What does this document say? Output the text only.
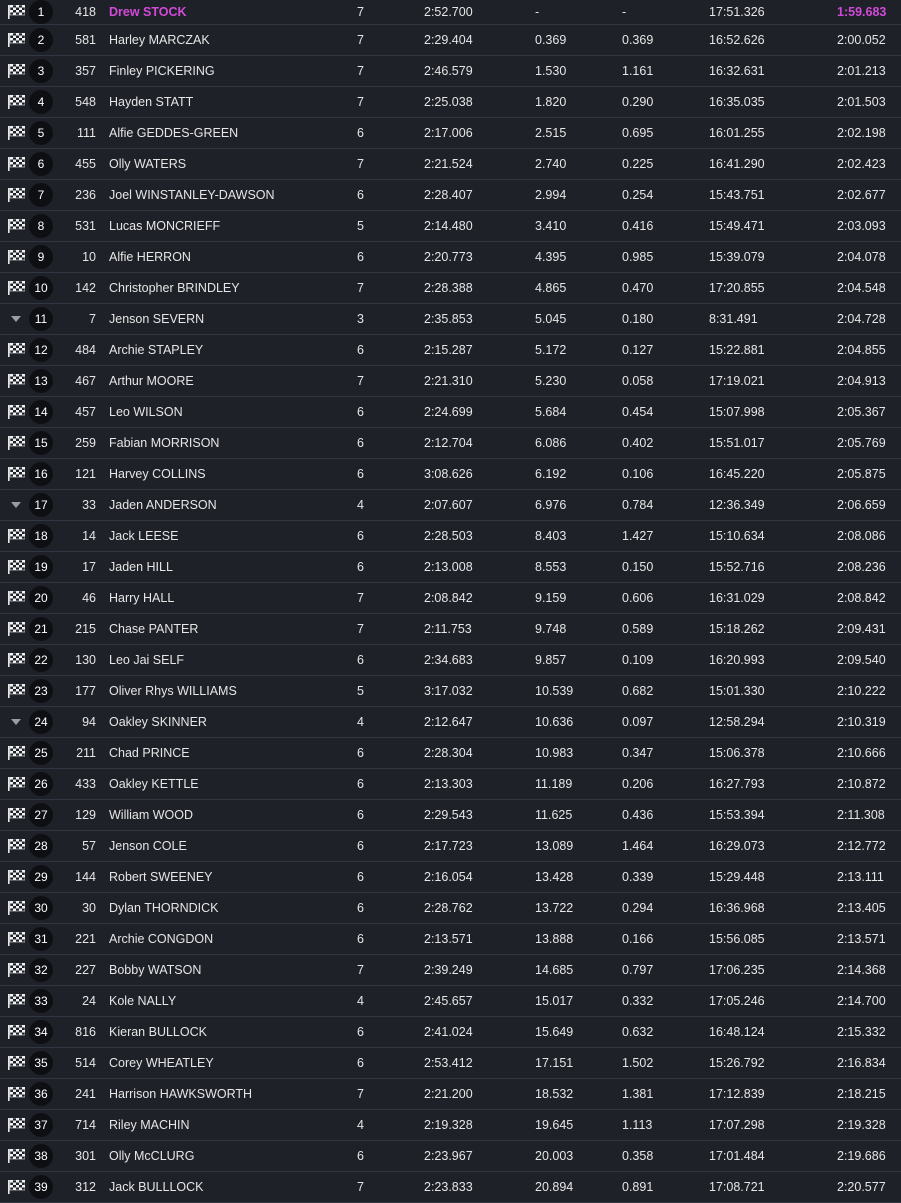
1	418 Drew STOCK	7	2:52.700	-	-	17:51.326	1:59.683
2	581 Harley MARCZAK	7	2:29.404	0.369	0.369	16:52.626	2:00.052
3	357 Finley PICKERING	7	2:46.579	1.530	1.161	16:32.631	2:01.213
4	548 Hayden STATT	7	2:25.038	1.820	0.290	16:35.035	2:01.503
5	111 Alfie GEDDES-GREEN	6	2:17.006	2.515	0.695	16:01.255	2:02.198
6	455 Olly WATERS	7	2:21.524	2.740	0.225	16:41.290	2:02.423
7	236 Joel WINSTANLEY-DAWSON	6	2:28.407	2.994	0.254	15:43.751	2:02.677
8	531 Lucas MONCRIEFF	5	2:14.480	3.410	0.416	15:49.471	2:03.093
9	10 Alfie HERRON	6	2:20.773	4.395	0.985	15:39.079	2:04.078
10	142 Christopher BRINDLEY	7	2:28.388	4.865	0.470	17:20.855	2:04.548
11	7 Jenson SEVERN	3	2:35.853	5.045	0.180	8:31.491	2:04.728
12	484 Archie STAPLEY	6	2:15.287	5.172	0.127	15:22.881	2:04.855
13	467 Arthur MOORE	7	2:21.310	5.230	0.058	17:19.021	2:04.913
14	457 Leo WILSON	6	2:24.699	5.684	0.454	15:07.998	2:05.367
15	259 Fabian MORRISON	6	2:12.704	6.086	0.402	15:51.017	2:05.769
16	121 Harvey COLLINS	6	3:08.626	6.192	0.106	16:45.220	2:05.875
17	33 Jaden ANDERSON	4	2:07.607	6.976	0.784	12:36.349	2:06.659
18	14 Jack LEESE	6	2:28.503	8.403	1.427	15:10.634	2:08.086
19	17 Jaden HILL	6	2:13.008	8.553	0.150	15:52.716	2:08.236
20	46 Harry HALL	7	2:08.842	9.159	0.606	16:31.029	2:08.842
21	215 Chase PANTER	7	2:11.753	9.748	0.589	15:18.262	2:09.431
22	130 Leo Jai SELF	6	2:34.683	9.857	0.109	16:20.993	2:09.540
23	177 Oliver Rhys WILLIAMS	5	3:17.032	10.539	0.682	15:01.330	2:10.222
24	94 Oakley SKINNER	4	2:12.647	10.636	0.097	12:58.294	2:10.319
25	211 Chad PRINCE	6	2:28.304	10.983	0.347	15:06.378	2:10.666
26	433 Oakley KETTLE	6	2:13.303	11.189	0.206	16:27.793	2:10.872
27	129 William WOOD	6	2:29.543	11.625	0.436	15:53.394	2:11.308
28	57 Jenson COLE	6	2:17.723	13.089	1.464	16:29.073	2:12.772
29	144 Robert SWEENEY	6	2:16.054	13.428	0.339	15:29.448	2:13.111
30	30 Dylan THORNDICK	6	2:28.762	13.722	0.294	16:36.968	2:13.405
31	221 Archie CONGDON	6	2:13.571	13.888	0.166	15:56.085	2:13.571
32	227 Bobby WATSON	7	2:39.249	14.685	0.797	17:06.235	2:14.368
33	24 Kole NALLY	4	2:45.657	15.017	0.332	17:05.246	2:14.700
34	816 Kieran BULLOCK	6	2:41.024	15.649	0.632	16:48.124	2:15.332
35	514 Corey WHEATLEY	6	2:53.412	17.151	1.502	15:26.792	2:16.834
36	241 Harrison HAWKSWORTH	7	2:21.200	18.532	1.381	17:12.839	2:18.215
37	714 Riley MACHIN	4	2:19.328	19.645	1.113	17:07.298	2:19.328
38	301 Olly McCLURG	6	2:23.967	20.003	0.358	17:01.484	2:19.686
39	312 Jack BULLLOCK	7	2:23.833	20.894	0.891	17:08.721	2:20.577
